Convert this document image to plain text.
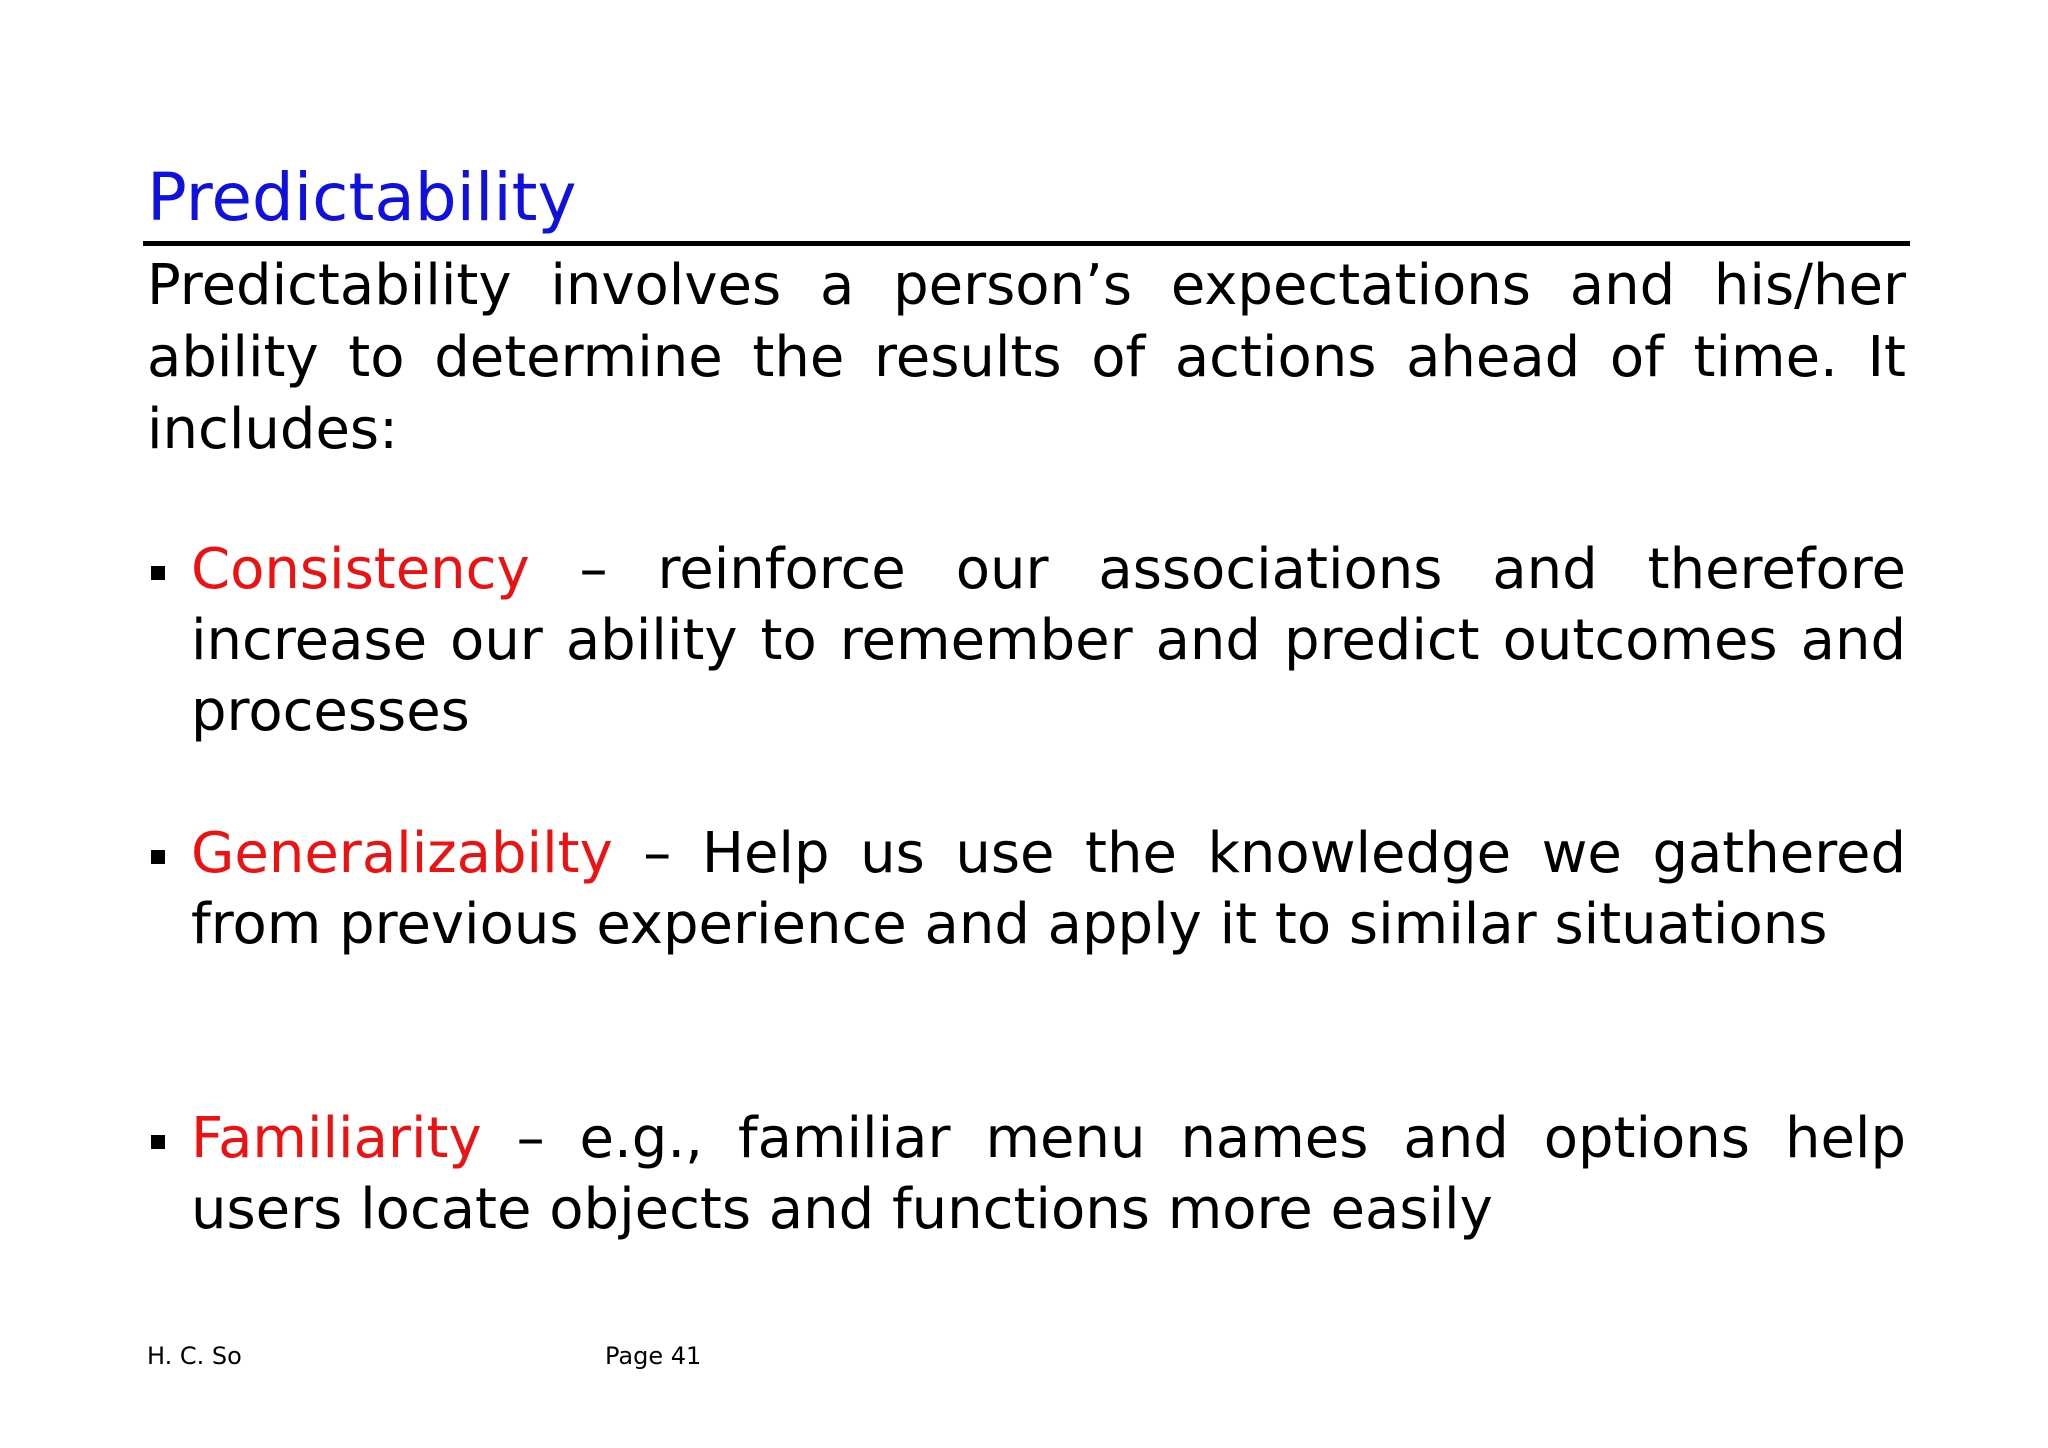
Predictability
Predictability involves a person’s expectations and his/her ability to determine the results of actions ahead of time. It includes:
Consistency – reinforce our associations and therefore increase our ability to remember and predict outcomes and processes
Generalizabilty – Help us use the knowledge we gathered from previous experience and apply it to similar situations
Familiarity – e.g., familiar menu names and options help users locate objects and functions more easily
H. C. So	Page 41
